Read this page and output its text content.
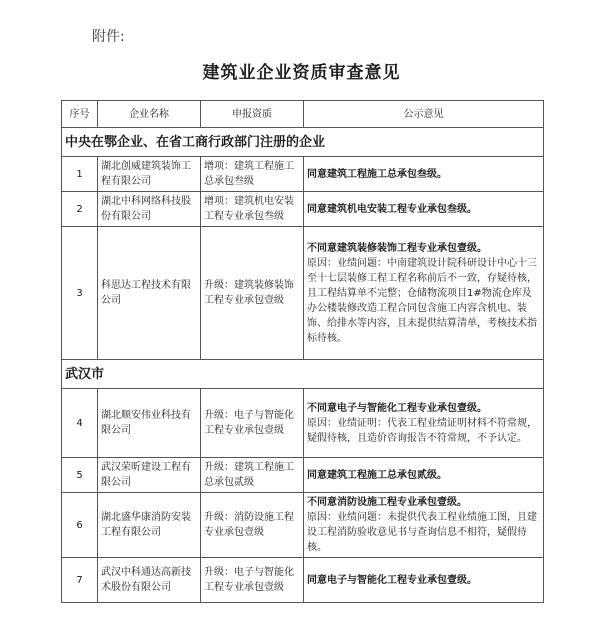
附件:
建筑业企业资质审查意见
序号	企业名称	申报资质	公示意见
中央在鄂企业、在省工商行政部门注册的企业			
1	湖北创威建筑装饰工程有限公司	增项：建筑工程施工总承包叁级	同意建筑工程施工总承包叁级。

2	湖北中科网络科技股份有限公司	增项：建筑机电安装工程专业承包叁级	同意建筑机电安装工程专业承包叁级。

3	科思达工程技术有限公司	升级：建筑装修装饰工程专业承包壹级	不同意建筑装修装饰工程专业承包壹级。
原因：业绩问题：中南建筑设计院科研设计中心十三至十七层装修工程工程名称前后不一致，存疑待核，且工程结算单不完整；仓储物流项目1#物流仓库及办公楼装修改造工程合同包含施工内容含机电、装饰、给排水等内容，且未提供结算清单，考核技术指标待核。

武汉市			
4	湖北顺安伟业科技有限公司	升级：电子与智能化工程专业承包壹级	不同意电子与智能化工程专业承包壹级。
原因：业绩证明：代表工程业绩证明材料不符常规，疑假待核，且造价咨询报告不符常规，不予认定。

5	武汉荣昕建设工程有限公司	升级：建筑工程施工总承包贰级	同意建筑工程施工总承包贰级。

6	湖北盛华康消防安装工程有限公司	升级：消防设施工程专业承包壹级	不同意消防设施工程专业承包壹级。
原因：业绩问题：未提供代表工程业绩施工图，且建设工程消防验收意见书与查询信息不相符，疑假待核。

7	武汉中科通达高新技术股份有限公司	升级：电子与智能化工程专业承包壹级	同意电子与智能化工程专业承包壹级。
